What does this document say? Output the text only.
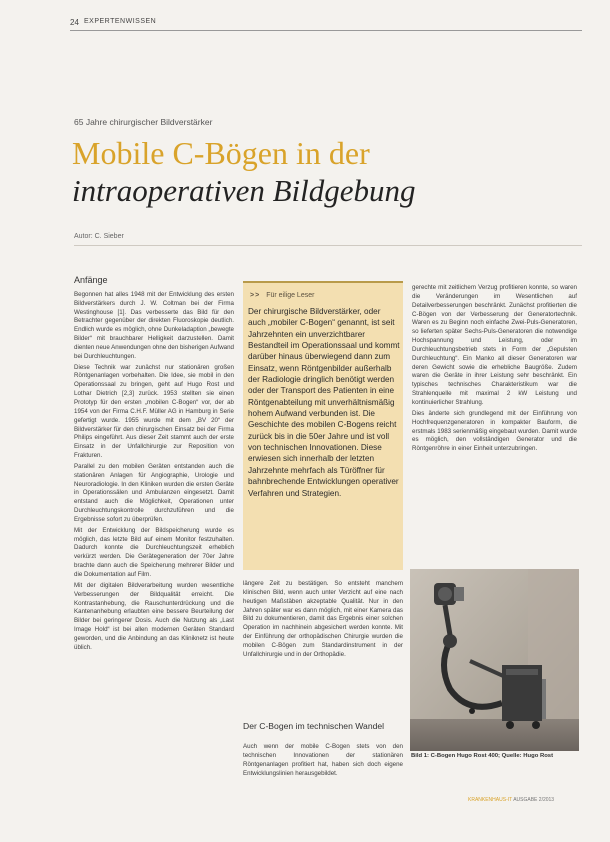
24 EXPERTENWISSEN
65 Jahre chirurgischer Bildverstärker
Mobile C-Bögen in der
intraoperativen Bildgebung
Autor: C. Sieber
Anfänge

Begonnen hat alles 1948 mit der Entwicklung des ersten Bildverstärkers durch J. W. Coltman bei der Firma Westinghouse [1]. Das verbesserte das Bild für den Betrachter gegenüber der direkten Fluoroskopie deutlich. Endlich wurde es möglich, ohne Dunkeladaption „bewegte Bilder“ mit brauchbarer Helligkeit darzustellen. Damit dienten neue Anwendungen ohne den bisherigen Aufwand bei Durchleuchtungen.

Diese Technik war zunächst nur stationären großen Röntgenanlagen vorbehalten. Die Idee, sie mobil in den Operationssaal zu bringen, geht auf Hugo Rost und Lothar Dietrich [2,3] zurück. 1953 stellten sie einen Prototyp für den ersten „mobilen C-Bogen“ vor, der ab 1954 von der Firma C.H.F. Müller AG in Hamburg in Serie gefertigt wurde. 1955 wurde mit dem „BV 20“ der Bildverstärker für den chirurgischen Einsatz bei der Firma Philips eingeführt. Aus dieser Zeit stammt auch der erste Einsatz in der Unfallchirurgie zur Reposition von Frakturen.

Parallel zu den mobilen Geräten entstanden auch die stationären Anlagen für Angiographie, Urologie und Neuroradiologie. In den Kliniken wurden die ersten Geräte in Operationssälen und Ambulanzen eingesetzt. Damit entstand auch die Möglichkeit, Operationen unter Durchleuchtungskontrolle durchzuführen und die Ergebnisse sofort zu überprüfen.

Mit der Entwicklung der Bildspeicherung wurde es möglich, das letzte Bild auf einem Monitor festzuhalten. Dadurch konnte die Durchleuchtungszeit erheblich verkürzt werden. Die Gerätegeneration der 70er Jahre brachte dann auch die Speicherung mehrerer Bilder und die Dokumentation auf Film.

Mit der digitalen Bildverarbeitung wurden wesentliche Verbesserungen der Bildqualität erreicht. Die Kontrastanhebung, die Rauschunterdrückung und die Kantenanhebung erlaubten eine bessere Beurteilung der Bilder bei geringerer Dosis. Auch die Nutzung als „Last Image Hold“ ist bei allen modernen Geräten Standard geworden, und die Anbindung an das Kliniknetz ist heute üblich.

>> Für eilige Leser
Der chirurgische Bildverstärker, oder auch „mobiler C-Bogen“ genannt, ist seit Jahrzehnten ein unverzichtbarer Bestandteil im Operationssaal und kommt darüber hinaus überwiegend dann zum Einsatz, wenn Röntgenbilder außerhalb der Radiologie dringlich benötigt werden oder der Transport des Patienten in eine Röntgenabteilung mit unverhältnismäßig hohem Aufwand verbunden ist. Die Geschichte des mobilen C-Bogens reicht zurück bis in die 50er Jahre und ist voll von technischen Innovationen. Diese erwiesen sich innerhalb der letzten Jahrzehnte mehrfach als Türöffner für bahnbrechende Entwicklungen operativer Verfahren und Strategien.

längere Zeit zu bestätigen. So entsteht manchem klinischen Bild, wenn auch unter Verzicht auf eine nach heutigen Maßstäben akzeptable Qualität. Nur in den Jahren später war es dann möglich, mit einer Kamera das Bild zu dokumentieren, damit das Ergebnis einer solchen Operation im nachhinein abgesichert werden konnte. Mit der Einführung der orthopädischen Chirurgie wurden die mobilen C-Bögen zum Standardinstrument in der Unfallchirurgie und in der Orthopädie.

Der C-Bogen im technischen Wandel

Auch wenn der mobile C-Bogen stets von den technischen Innovationen der stationären Röntgenanlagen profitiert hat, haben sich doch eigene Entwicklungslinien herausgebildet.

gerechte mit zeitlichem Verzug profitieren konnte, so waren die Veränderungen im Wesentlichen auf Detailverbesserungen beschränkt. Zunächst profitierten die C-Bögen von der Verbesserung der Generatortechnik. Waren es zu Beginn noch einfache Zwei-Puls-Generatoren, so lieferten später Sechs-Puls-Generatoren die notwendige Hochspannung und Leistung, oder im Durchleuchtungsbetrieb stets in Form der „Gepulsten Durchleuchtung“. Ein Manko all dieser Generatoren war deren Gewicht sowie die erhebliche Baugröße. Zudem waren die Geräte in ihrer Leistung sehr beschränkt. Ein typisches technisches Charakteristikum war die Strahlenquelle mit maximal 2 kW Leistung und kontinuierlicher Strahlung.

Dies änderte sich grundlegend mit der Einführung von Hochfrequenzgeneratoren in kompakter Bauform, die erstmals 1983 serienmäßig eingebaut wurden. Damit wurde es möglich, den vollständigen Generator und die Röntgenröhre in einer Einheit unterzubringen.

Bild 1: C-Bogen Hugo Rost 400; Quelle: Hugo Rost
KRANKENHAUS-IT AUSGABE 2/2013
